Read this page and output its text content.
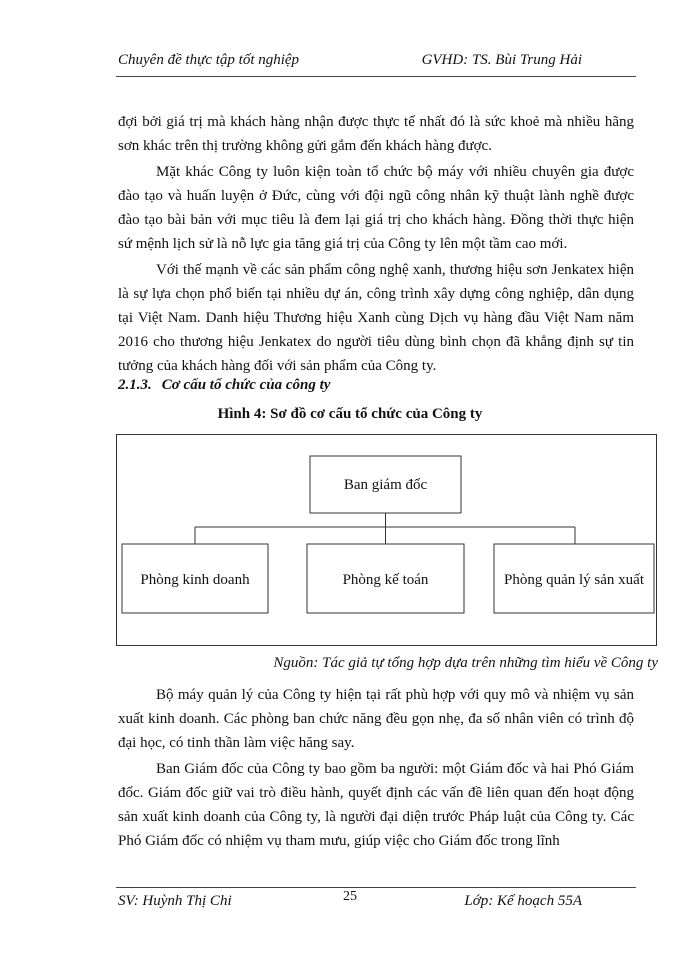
Chuyên đề thực tập tốt nghiệp	GVHD: TS. Bùi Trung Hải

đợi bởi giá trị mà khách hàng nhận được thực tế nhất đó là sức khoẻ mà nhiều hãng sơn khác trên thị trường không gửi gắm đến khách hàng được.

Mặt khác Công ty luôn kiện toàn tổ chức bộ máy với nhiều chuyên gia được đào tạo và huấn luyện ở Đức, cùng với đội ngũ công nhân kỹ thuật lành nghề được đào tạo bài bản với mục tiêu là đem lại giá trị cho khách hàng. Đồng thời thực hiện sứ mệnh lịch sử là nỗ lực gia tăng giá trị của Công ty lên một tầm cao mới.

Với thế mạnh về các sản phẩm công nghệ xanh, thương hiệu sơn Jenkatex hiện là sự lựa chọn phổ biến tại nhiều dự án, công trình xây dựng công nghiệp, dân dụng tại Việt Nam. Danh hiệu Thương hiệu Xanh cùng Dịch vụ hàng đầu Việt Nam năm 2016 cho thương hiệu Jenkatex do người tiêu dùng bình chọn đã khẳng định sự tin tưởng của khách hàng đối với sản phẩm của Công ty.

2.1.3. Cơ cấu tổ chức của công ty

Hình 4: Sơ đồ cơ cấu tổ chức của Công ty

Ban giám đốc
Phòng kinh doanh	Phòng kế toán	Phòng quản lý sản xuất

Nguồn: Tác giả tự tổng hợp dựa trên những tìm hiểu về Công ty

Bộ máy quản lý của Công ty hiện tại rất phù hợp với quy mô và nhiệm vụ sản xuất kinh doanh. Các phòng ban chức năng đều gọn nhẹ, đa số nhân viên có trình độ đại học, có tinh thần làm việc hăng say.

Ban Giám đốc của Công ty bao gồm ba người: một Giám đốc và hai Phó Giám đốc. Giám đốc giữ vai trò điều hành, quyết định các vấn đề liên quan đến hoạt động sản xuất kinh doanh của Công ty, là người đại diện trước Pháp luật của Công ty. Các Phó Giám đốc có nhiệm vụ tham mưu, giúp việc cho Giám đốc trong lĩnh

SV: Huỳnh Thị Chi	25	Lớp: Kế hoạch 55A
